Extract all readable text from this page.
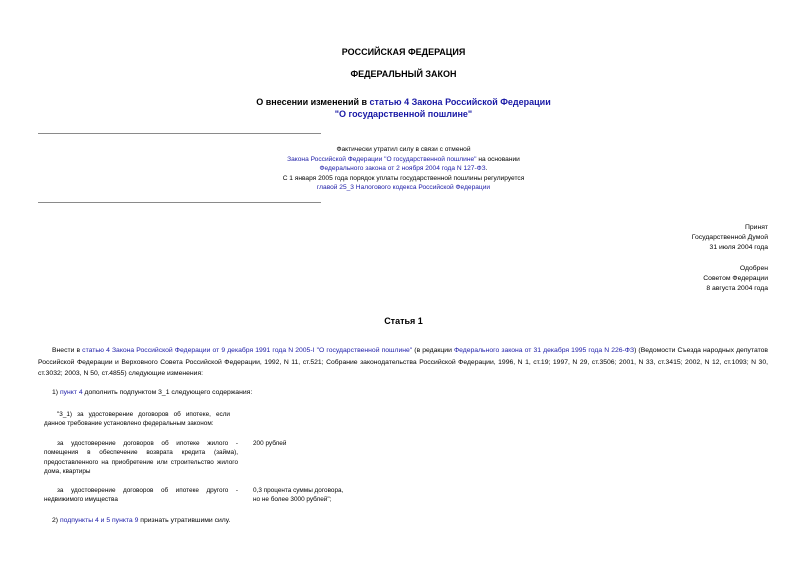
РОССИЙСКАЯ ФЕДЕРАЦИЯ
ФЕДЕРАЛЬНЫЙ ЗАКОН
О внесении изменений в статью 4 Закона Российской Федерации
"О государственной пошлине"
Фактически утратил силу в связи с отменой
Закона Российской Федерации "О государственной пошлине" на основании
Федерального закона от 2 ноября 2004 года N 127-ФЗ.
С 1 января 2005 года порядок уплаты государственной пошлины регулируется
главой 25_3 Налогового кодекса Российской Федерации
Принят
Государственной Думой
31 июля 2004 года
Одобрен
Советом Федерации
8 августа 2004 года
Статья 1
Внести в статью 4 Закона Российской Федерации от 9 декабря 1991 года N 2005-I "О государственной пошлине" (в редакции Федерального закона от 31 декабря 1995 года N 226-ФЗ) (Ведомости Съезда народных депутатов Российской Федерации и Верховного Совета Российской Федерации, 1992, N 11, ст.521; Собрание законодательства Российской Федерации, 1996, N 1, ст.19; 1997, N 29, ст.3506; 2001, N 33, ст.3415; 2002, N 12, ст.1093; N 30, ст.3032; 2003, N 50, ст.4855) следующие изменения:
1) пункт 4 дополнить подпунктом 3_1 следующего содержания:
"3_1) за удостоверение договоров об ипотеке, если данное требование установлено федеральным законом:
за удостоверение договоров об ипотеке жилого - помещения в обеспечение возврата кредита (займа), предоставленного на приобретение или строительство жилого дома, квартиры
200 рублей
за удостоверение договоров об ипотеке другого - недвижимого имущества
0,3 процента суммы договора,
но не более 3000 рублей";
2) подпункты 4 и 5 пункта 9 признать утратившими силу.
